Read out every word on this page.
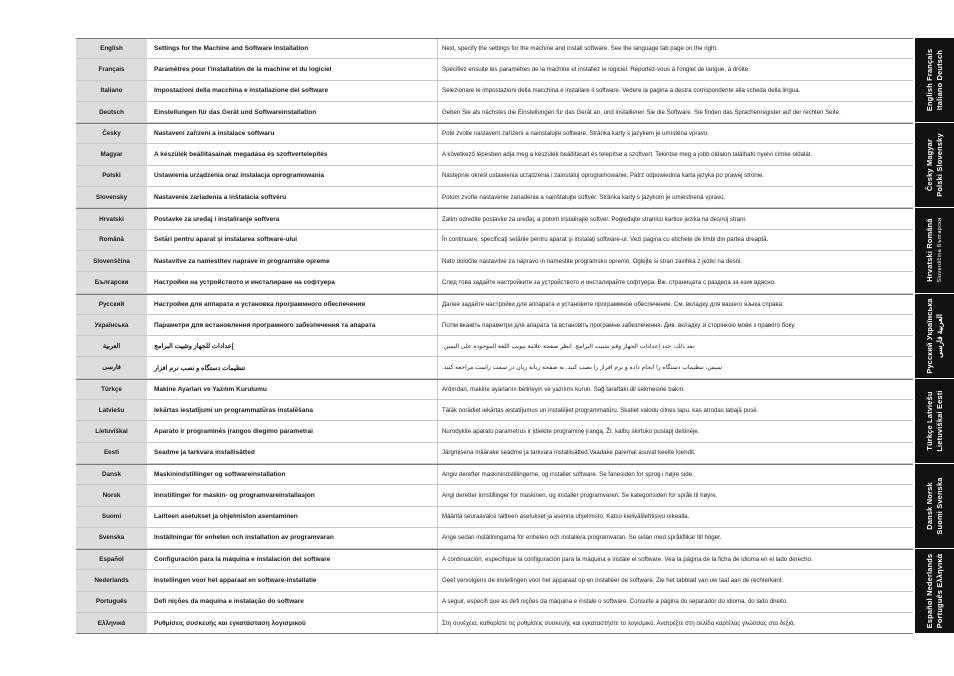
English	Settings for the Machine and Software Installation	Next, specify the settings for the machine and install software. See the language tab page on the right.
Français	Paramètres pour l'installation de la machine et du logiciel	Spécifiez ensuite les paramètres de la machine et installez le logiciel. Reportez-vous à l'onglet de langue, à droite.
Italiano	Impostazioni della macchina e installazione del software	Selezionare le impostazioni della macchina e installare il software. Vedere la pagina a destra corrispondente alla scheda della lingua.
Deutsch	Einstellungen für das Gerät und Softwareinstallation	Geben Sie als nächstes die Einstellungen für das Gerät an, und installieren Sie die Software. Sie finden das Sprachenregister auf der rechten Seite.
Česky	Nastavení zařízení a instalace softwaru	Poté zvolte nastavení zařízení a nainstalujte software. Stránka karty s jazykem je umístěna vpravo.
Magyar	A készülék beállításainak megadása és szoftvertelepítés	A következő lépésben adja meg a készülék beállításait és telepítse a szoftvert. Tekintse meg a jobb oldalon található nyelvi címke oldalát.
Polski	Ustawienia urządzenia oraz instalacja oprogramowania	Następnie określ ustawienia urządzenia i zainstaluj oprogramowanie. Patrz odpowiednia karta języka po prawej stronie.
Slovensky	Nastavenie zariadenia a inštalácia softvéru	Potom zvoľte nastavenie zariadenia a nainštalujte softvér. Stránka karty s jazykom je umiestnená vpravo.
Hrvatski	Postavke za uređaj i instaliranje softvera	Zatim odredite postavke za uređaj, a potom instalirajte softver. Pogledajte stranicu kartice jezika na desnoj strani.
Română	Setări pentru aparat şi instalarea software-ului	În continuare, specificaţi setările pentru aparat şi instalaţi software-ul. Vezi pagina cu etichete de limbi din partea dreaptă.
Slovenščina	Nastavitve za namestitev naprave in programske opreme	Nato določite nastavitve za napravo in namestite programsko opremo. Oglejte si stran zavihka z jeziki na desni.
Български	Настройки на устройството и инсталиране на софтуера	След това задайте настройките за устройството и инсталирайте софтуера. Вж. страницата с раздела за език вдясно.
Русский	Настройки для аппарата и установка программного обеспечения	Далее задайте настройки для аппарата и установите программное обеспечение. См. вкладку для вашего языка справа.
Українська	Параметри для встановлення програмного забезпечення та апарата	Потім вкажіть параметри для апарата та встановіть програмне забезпечення. Див. вкладку зі сторінкою мови з правого боку.
العربية	إعدادات للجهاز وتثبيت البرامج	بعد ذلك، حدد إعدادات الجهاز وقم بتثبيت البرامج. انظر صفحة علامة تبويب اللغة الموجودة على اليمين.
فارسی	تنظیمات دستگاه و نصب نرم افزار	سپس، تنظیمات دستگاه را انجام داده و نرم افزار را نصب کنید. به صفحه زبانه زبان در سمت راست مراجعه کنید.
Türkçe	Makine Ayarları ve Yazılım Kurulumu	Ardından, makine ayarlarını belirleyin ve yazılımı kurun. Sağ taraftaki dil sekmesine bakın.
Latviešu	Iekārtas iestatījumi un programmatūras instalēšana	Tālāk norādiet iekārtas iestatījumus un instalējiet programmatūru. Skatiet valodu cilnes lapu, kas atrodas labajā pusē.
Lietuviškai	Aparato ir programinės įrangos diegimo parametrai	Nurodykite aparato parametrus ir įdiekite programinę įrangą. Žr. kalbų skirtuko puslapį dešinėje.
Eesti	Seadme ja tarkvara installisätted	Järgmisena määrake seadme ja tarkvara installisätted.Vaadake paremal asuvat keelte loendit.
Dansk	Maskinindstillinger og softwareinstallation	Angiv derefter maskinindstillingerne, og installer software. Se fanesiden for sprog i højre side.
Norsk	Innstillinger for maskin- og programvareinstallasjon	Angi deretter innstillinger for maskinen, og installer programvaren. Se kategorisiden for språk til høyre.
Suomi	Laitteen asetukset ja ohjelmiston asentaminen	Määritä seuraavaksi laitteen asetukset ja asenna ohjelmisto. Katso kielivälilehtisivu oikealla.
Svenska	Inställningar för enheten och installation av programvaran	Ange sedan inställningarna för enheten och installera programvaran. Se sidan med språkflikar till höger.
Español	Configuración para la máquina e instalación del software	A continuación, especifique la configuración para la máquina e instale el software. Vea la página de la ficha de idioma en el lado derecho.
Nederlands	Instellingen voor het apparaat en software-installatie	Geef vervolgens de instellingen voor het apparaat op en installeer de software. Zie het tabblad van uw taal aan de rechterkant.
Português	Defi nições da máquina e instalação do software	A seguir, especifi que as defi nições da máquina e instale o software. Consulte a página do separador do idioma, do lado direito.
Ελληνικά	Ρυθμίσεις συσκευής και εγκατάσταση λογισμικού	Στη συνέχεια, καθορίστε τις ρυθμίσεις συσκευής και εγκαταστήστε το λογισμικό. Ανατρέξτε στη σελίδα καρτέλας γλώσσας στα δεξιά.
English Français Italiano Deutsch
Česky Magyar Polski Slovensky
Hrvatski Română Slovenščina Български
Русский Українська العربية فارسی
Türkçe Latviešu Lietuviškai Eesti
Dansk Norsk Suomi Svenska
Español Nederlands Português Ελληνικά
